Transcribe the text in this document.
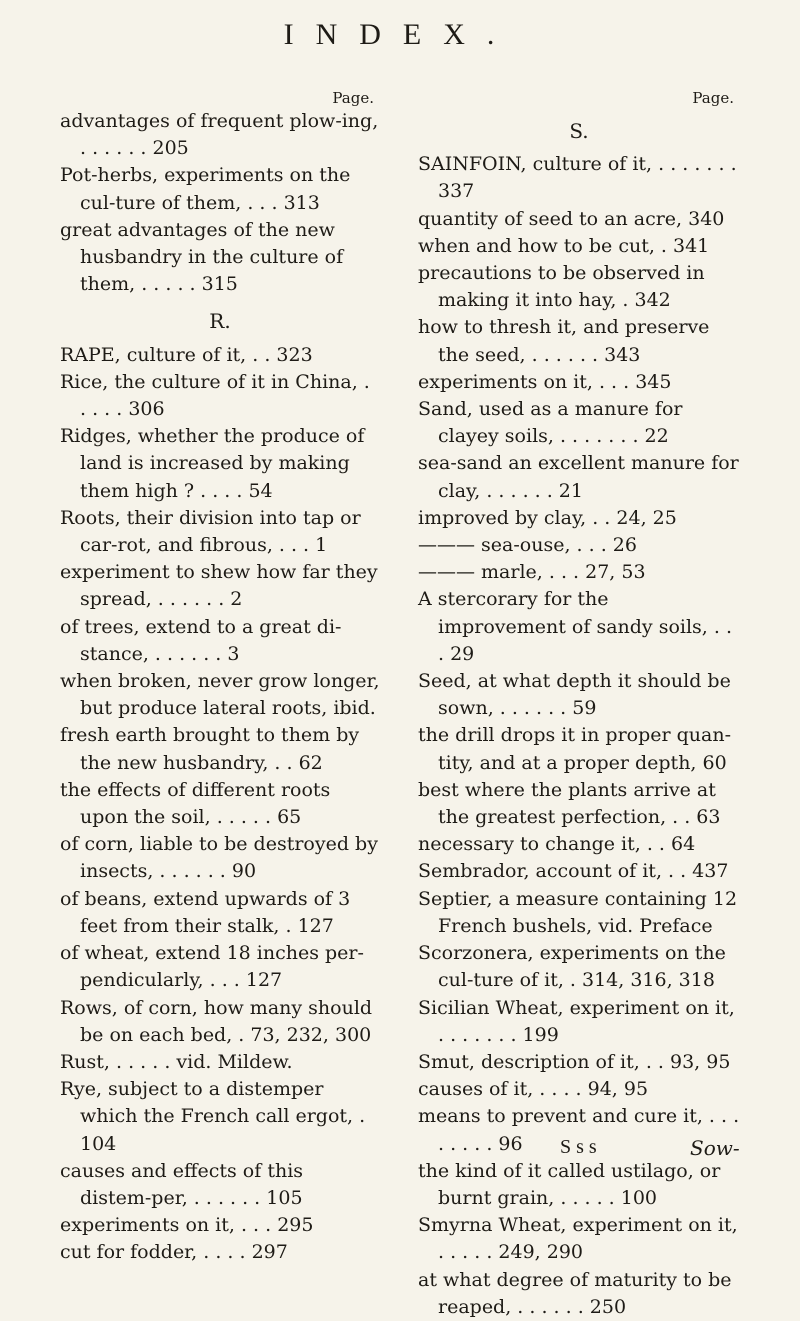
INDEX.
Page.

advantages of frequent plow-ing, . . . . . . 205

Pot-herbs, experiments on the cul-ture of them, . . . 313

great advantages of the new husbandry in the culture of them, . . . . . 315

R.

RAPE, culture of it, . . 323

Rice, the culture of it in China, . . . . . 306

Ridges, whether the produce of land is increased by making them high ? . . . . 54

Roots, their division into tap or car-rot, and fibrous, . . . 1

experiment to shew how far they spread, . . . . . . 2

of trees, extend to a great di-stance, . . . . . . 3

when broken, never grow longer, but produce lateral roots, ibid.

fresh earth brought to them by the new husbandry, . . 62

the effects of different roots upon the soil, . . . . . 65

of corn, liable to be destroyed by insects, . . . . . . 90

of beans, extend upwards of 3 feet from their stalk, . 127

of wheat, extend 18 inches per-pendicularly, . . . 127

Rows, of corn, how many should be on each bed, . 73, 232, 300

Rust, . . . . . vid. Mildew.

Rye, subject to a distemper which the French call ergot, . 104

causes and effects of this distem-per, . . . . . . 105

experiments on it, . . . 295

cut for fodder, . . . . 297

Page.
S.

SAINFOIN, culture of it, . . . . . . . 337

quantity of seed to an acre, 340

when and how to be cut, . 341

precautions to be observed in making it into hay, . 342

how to thresh it, and preserve the seed, . . . . . . 343

experiments on it, . . . 345

Sand, used as a manure for clayey soils, . . . . . . . 22

sea-sand an excellent manure for clay, . . . . . . 21

improved by clay, . . 24, 25

——— sea-ouse, . . . 26

——— marle, . . . 27, 53

A stercorary for the improvement of sandy soils, . . . 29

Seed, at what depth it should be sown, . . . . . . 59

the drill drops it in proper quan-tity, and at a proper depth, 60

best where the plants arrive at the greatest perfection, . . 63

necessary to change it, . . 64

Sembrador, account of it, . . 437

Septier, a measure containing 12 French bushels, vid. Preface

Scorzonera, experiments on the cul-ture of it, . 314, 316, 318

Sicilian Wheat, experiment on it, . . . . . . . 199

Smut, description of it, . . 93, 95

causes of it, . . . . 94, 95

means to prevent and cure it, . . . . . . . . 96

the kind of it called ustilago, or burnt grain, . . . . . 100

Smyrna Wheat, experiment on it, . . . . . 249, 290

at what degree of maturity to be reaped, . . . . . . 250

S s s	Sow-
